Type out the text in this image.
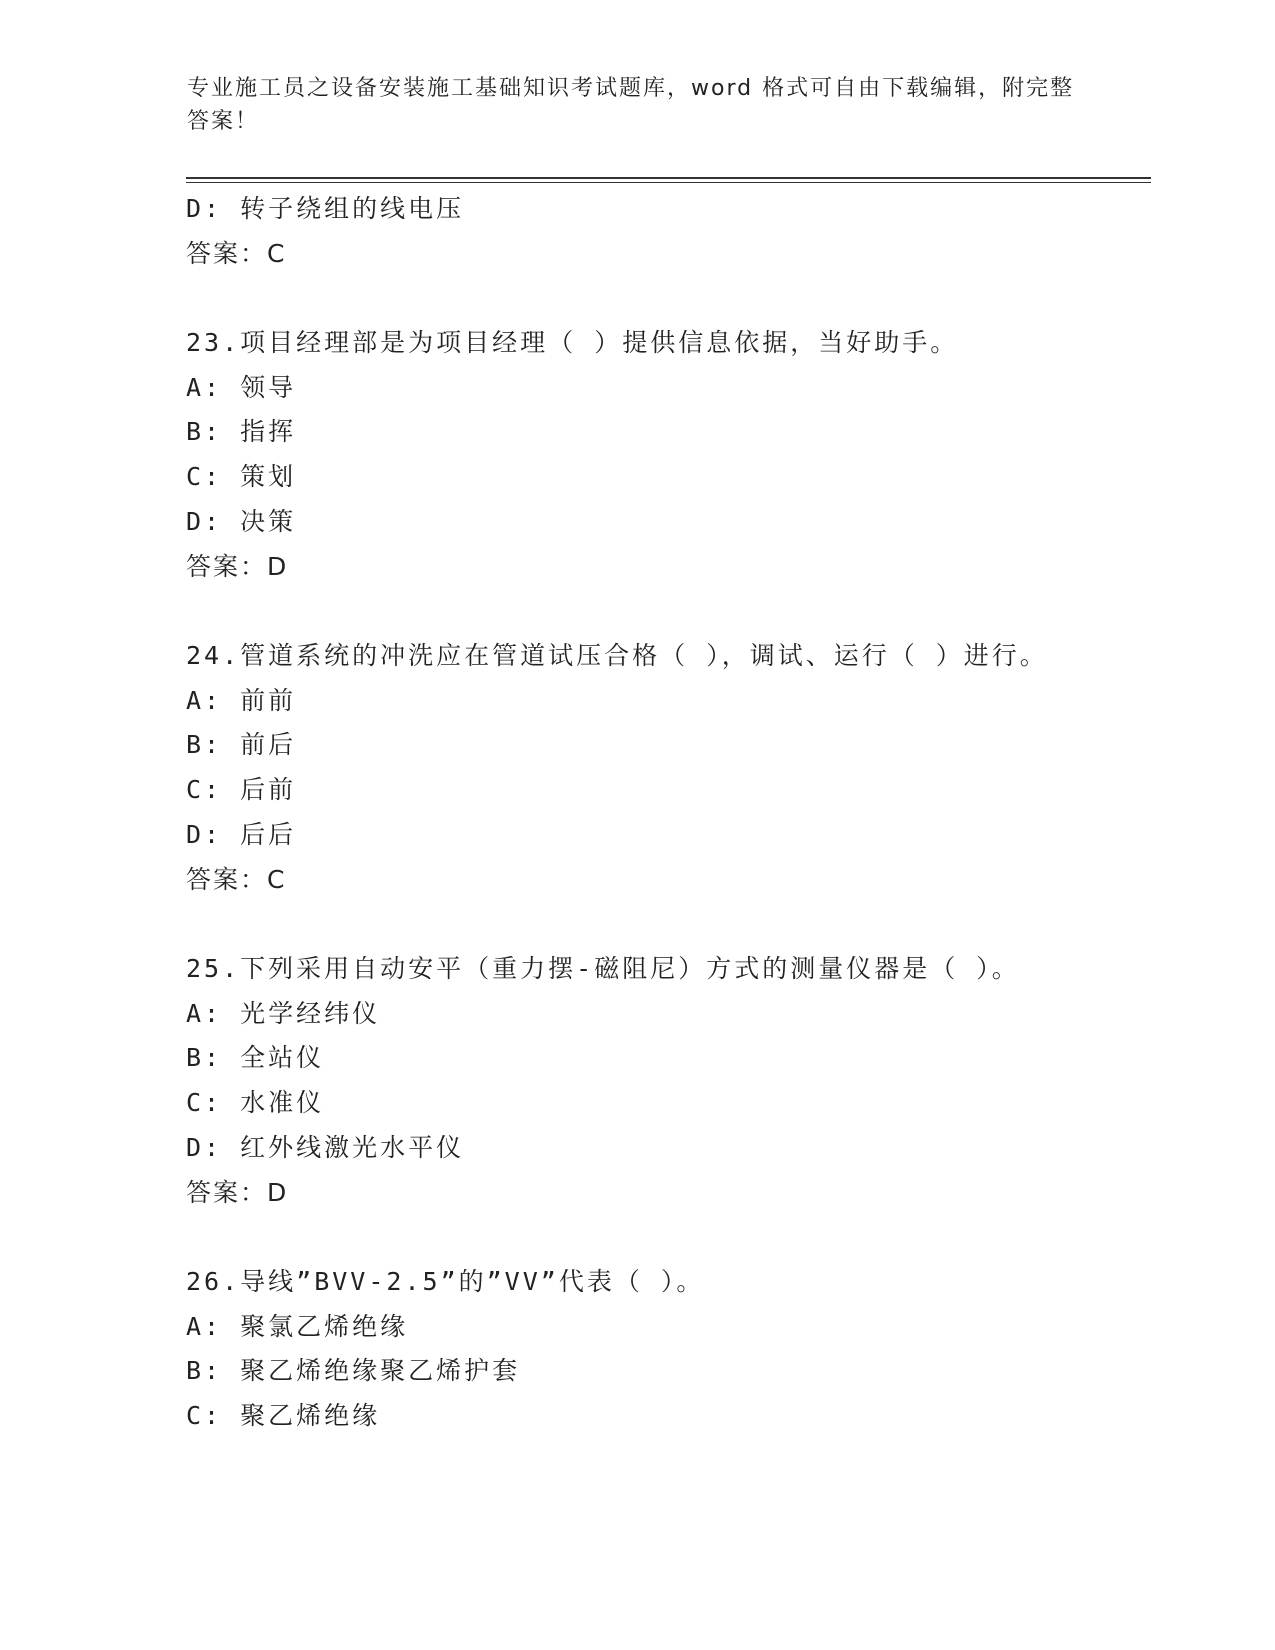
专业施工员之设备安装施工基础知识考试题库，word 格式可自由下载编辑，附完整答案！
D: 转子绕组的线电压
答案：C
23.项目经理部是为项目经理（ ）提供信息依据，当好助手。
A: 领导
B: 指挥
C: 策划
D: 决策
答案：D
24.管道系统的冲洗应在管道试压合格（ ），调试、运行（ ）进行。
A: 前前
B: 前后
C: 后前
D: 后后
答案：C
25.下列采用自动安平（重力摆-磁阻尼）方式的测量仪器是（ ）。
A: 光学经纬仪
B: 全站仪
C: 水准仪
D: 红外线激光水平仪
答案：D
26.导线”BVV-2.5”的”VV”代表（ ）。
A: 聚氯乙烯绝缘
B: 聚乙烯绝缘聚乙烯护套
C: 聚乙烯绝缘
